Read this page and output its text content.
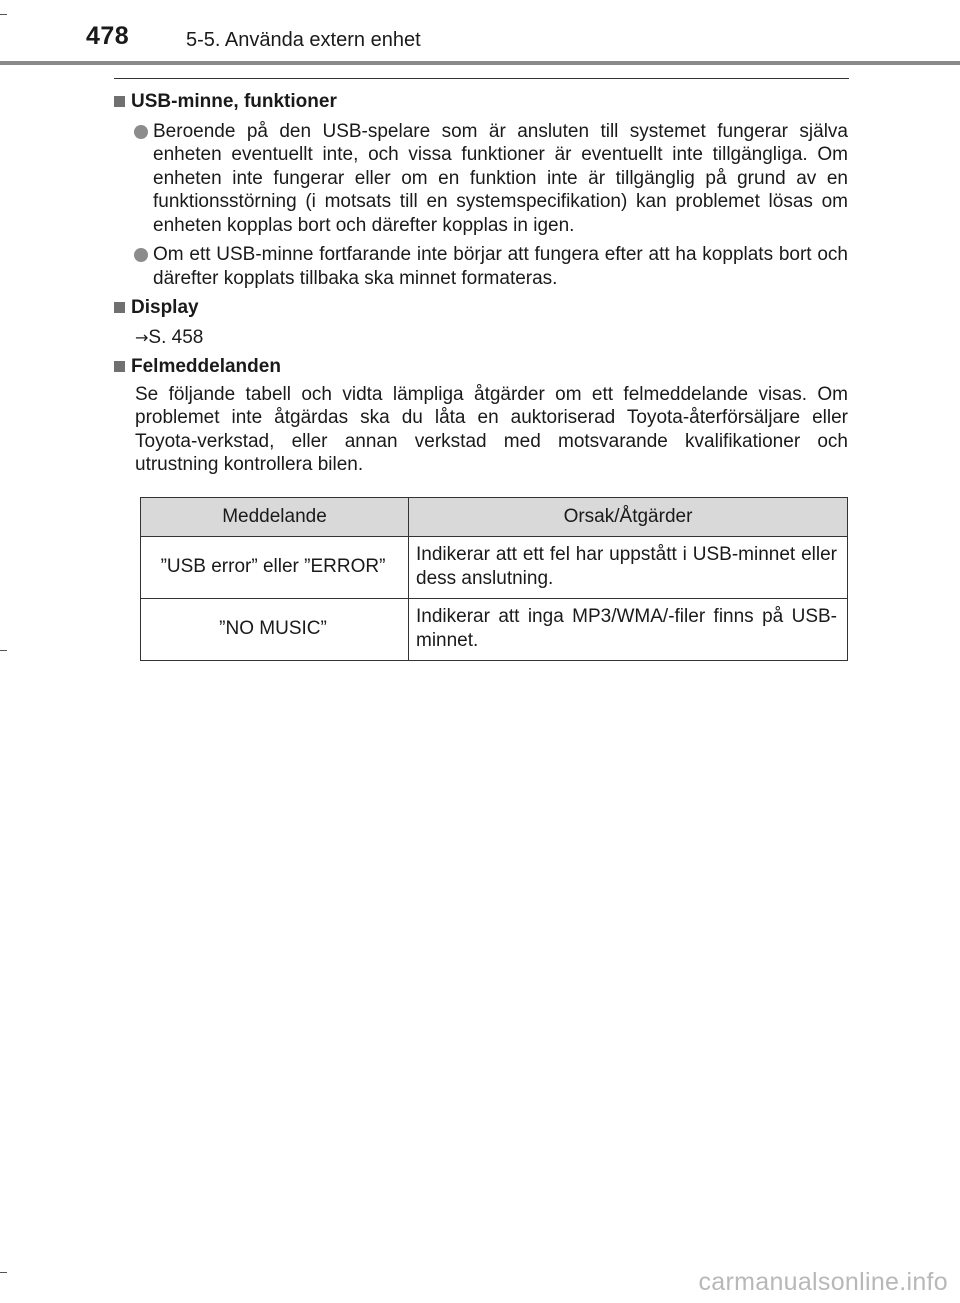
478	5-5. Använda extern enhet
USB-minne, funktioner
Beroende på den USB-spelare som är ansluten till systemet fungerar själva enheten eventuellt inte, och vissa funktioner är eventuellt inte tillgängliga. Om enheten inte fungerar eller om en funktion inte är tillgänglig på grund av en funktionsstörning (i motsats till en systemspecifikation) kan problemet lösas om enheten kopplas bort och därefter kopplas in igen.
Om ett USB-minne fortfarande inte börjar att fungera efter att ha kopplats bort och därefter kopplats tillbaka ska minnet formateras.
Display
→S. 458
Felmeddelanden
Se följande tabell och vidta lämpliga åtgärder om ett felmeddelande visas. Om problemet inte åtgärdas ska du låta en auktoriserad Toyota-återförsäljare eller Toyota-verkstad, eller annan verkstad med motsvarande kvalifikationer och utrustning kontrollera bilen.
Meddelande	Orsak/Åtgärder
”USB error” eller ”ERROR”	Indikerar att ett fel har uppstått i USB-minnet eller dess anslutning.
”NO MUSIC”	Indikerar att inga MP3/WMA/-filer finns på USB-minnet.
carmanualsonline.info
